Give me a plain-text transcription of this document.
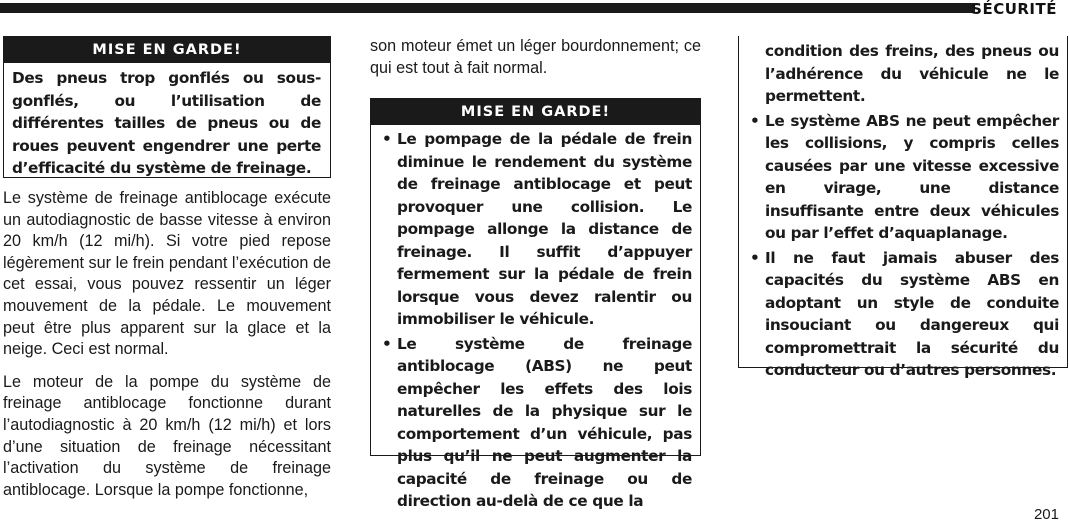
SÉCURITÉ
MISE EN GARDE!

Des pneus trop gonflés ou sous-gonflés, ou l’utilisation de différentes tailles de pneus ou de roues peuvent engendrer une perte d’efficacité du système de freinage.

Le système de freinage antiblocage exécute un autodiagnostic de basse vitesse à environ 20 km/h (12 mi/h). Si votre pied repose légèrement sur le frein pendant l’exécution de cet essai, vous pouvez ressentir un léger mouvement de la pédale. Le mouvement peut être plus apparent sur la glace et la neige. Ceci est normal.

Le moteur de la pompe du système de freinage antiblocage fonctionne durant l’autodiagnostic à 20 km/h (12 mi/h) et lors d’une situation de freinage nécessitant l’activation du système de freinage antiblocage. Lorsque la pompe fonctionne,

son moteur émet un léger bourdonnement; ce qui est tout à fait normal.

MISE EN GARDE!
• Le pompage de la pédale de frein diminue le rendement du système de freinage antiblocage et peut provoquer une collision. Le pompage allonge la distance de freinage. Il suffit d’appuyer fermement sur la pédale de frein lorsque vous devez ralentir ou immobiliser le véhicule.
• Le système de freinage antiblocage (ABS) ne peut empêcher les effets des lois naturelles de la physique sur le comportement d’un véhicule, pas plus qu’il ne peut augmenter la capacité de freinage ou de direction au-delà de ce que la

condition des freins, des pneus ou l’adhérence du véhicule ne le permettent.

• Le système ABS ne peut empêcher les collisions, y compris celles causées par une vitesse excessive en virage, une distance insuffisante entre deux véhicules ou par l’effet d’aquaplanage.
• Il ne faut jamais abuser des capacités du système ABS en adoptant un style de conduite insouciant ou dangereux qui compromettrait la sécurité du conducteur ou d’autres personnes.
201
